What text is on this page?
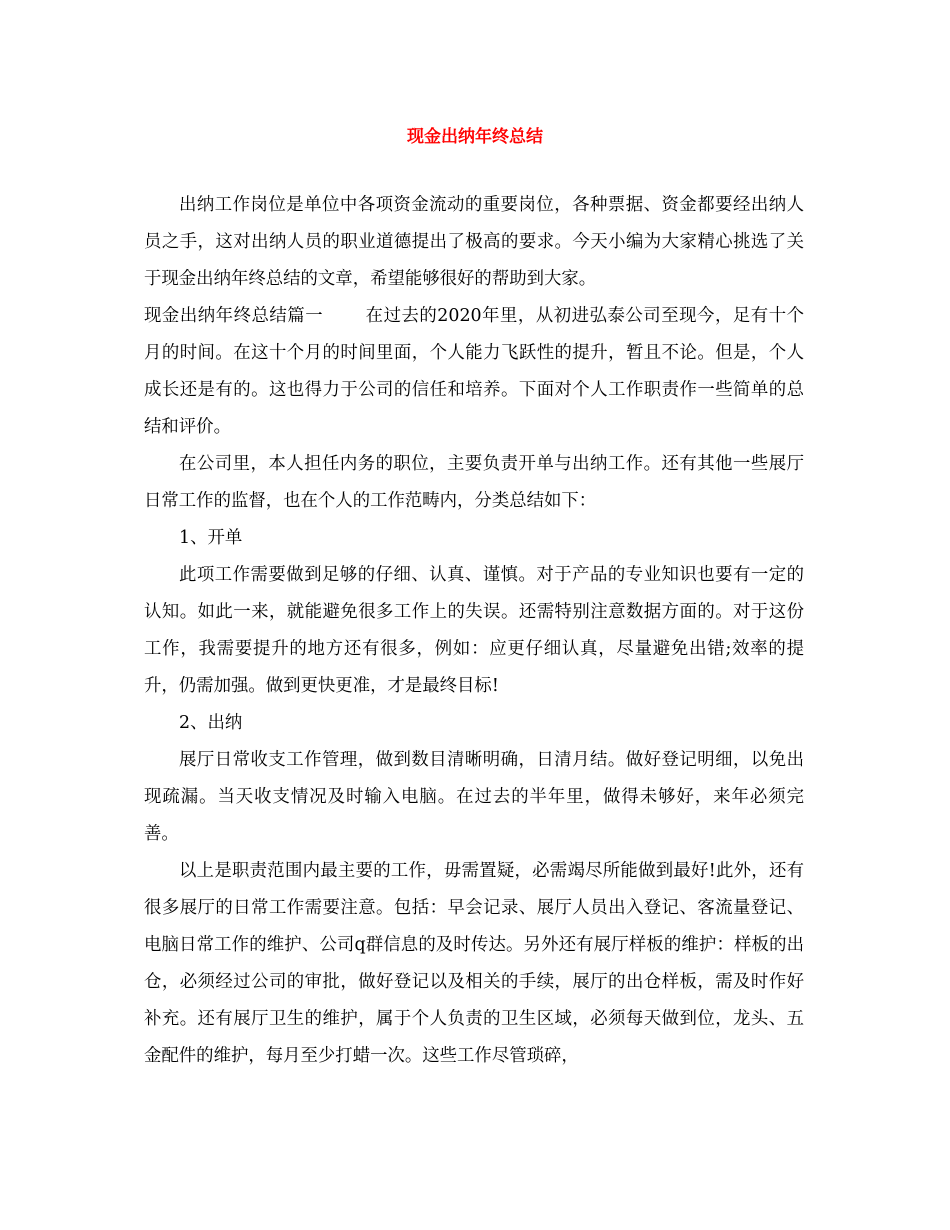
现金出纳年终总结

出纳工作岗位是单位中各项资金流动的重要岗位，各种票据、资金都要经出纳人员之手，这对出纳人员的职业道德提出了极高的要求。今天小编为大家精心挑选了关于现金出纳年终总结的文章，希望能够很好的帮助到大家。

现金出纳年终总结篇一 在过去的2020年里，从初进弘泰公司至现今，足有十个月的时间。在这十个月的时间里面，个人能力飞跃性的提升，暂且不论。但是，个人成长还是有的。这也得力于公司的信任和培养。下面对个人工作职责作一些简单的总结和评价。

在公司里，本人担任内务的职位，主要负责开单与出纳工作。还有其他一些展厅日常工作的监督，也在个人的工作范畴内，分类总结如下：

1、开单

此项工作需要做到足够的仔细、认真、谨慎。对于产品的专业知识也要有一定的认知。如此一来，就能避免很多工作上的失误。还需特别注意数据方面的。对于这份工作，我需要提升的地方还有很多，例如：应更仔细认真，尽量避免出错;效率的提升，仍需加强。做到更快更准，才是最终目标!

2、出纳

展厅日常收支工作管理，做到数目清晰明确，日清月结。做好登记明细，以免出现疏漏。当天收支情况及时输入电脑。在过去的半年里，做得未够好，来年必须完善。

以上是职责范围内最主要的工作，毋需置疑，必需竭尽所能做到最好!此外，还有很多展厅的日常工作需要注意。包括：早会记录、展厅人员出入登记、客流量登记、电脑日常工作的维护、公司q群信息的及时传达。另外还有展厅样板的维护：样板的出仓，必须经过公司的审批，做好登记以及相关的手续，展厅的出仓样板，需及时作好补充。还有展厅卫生的维护，属于个人负责的卫生区域，必须每天做到位，龙头、五金配件的维护，每月至少打蜡一次。这些工作尽管琐碎，
